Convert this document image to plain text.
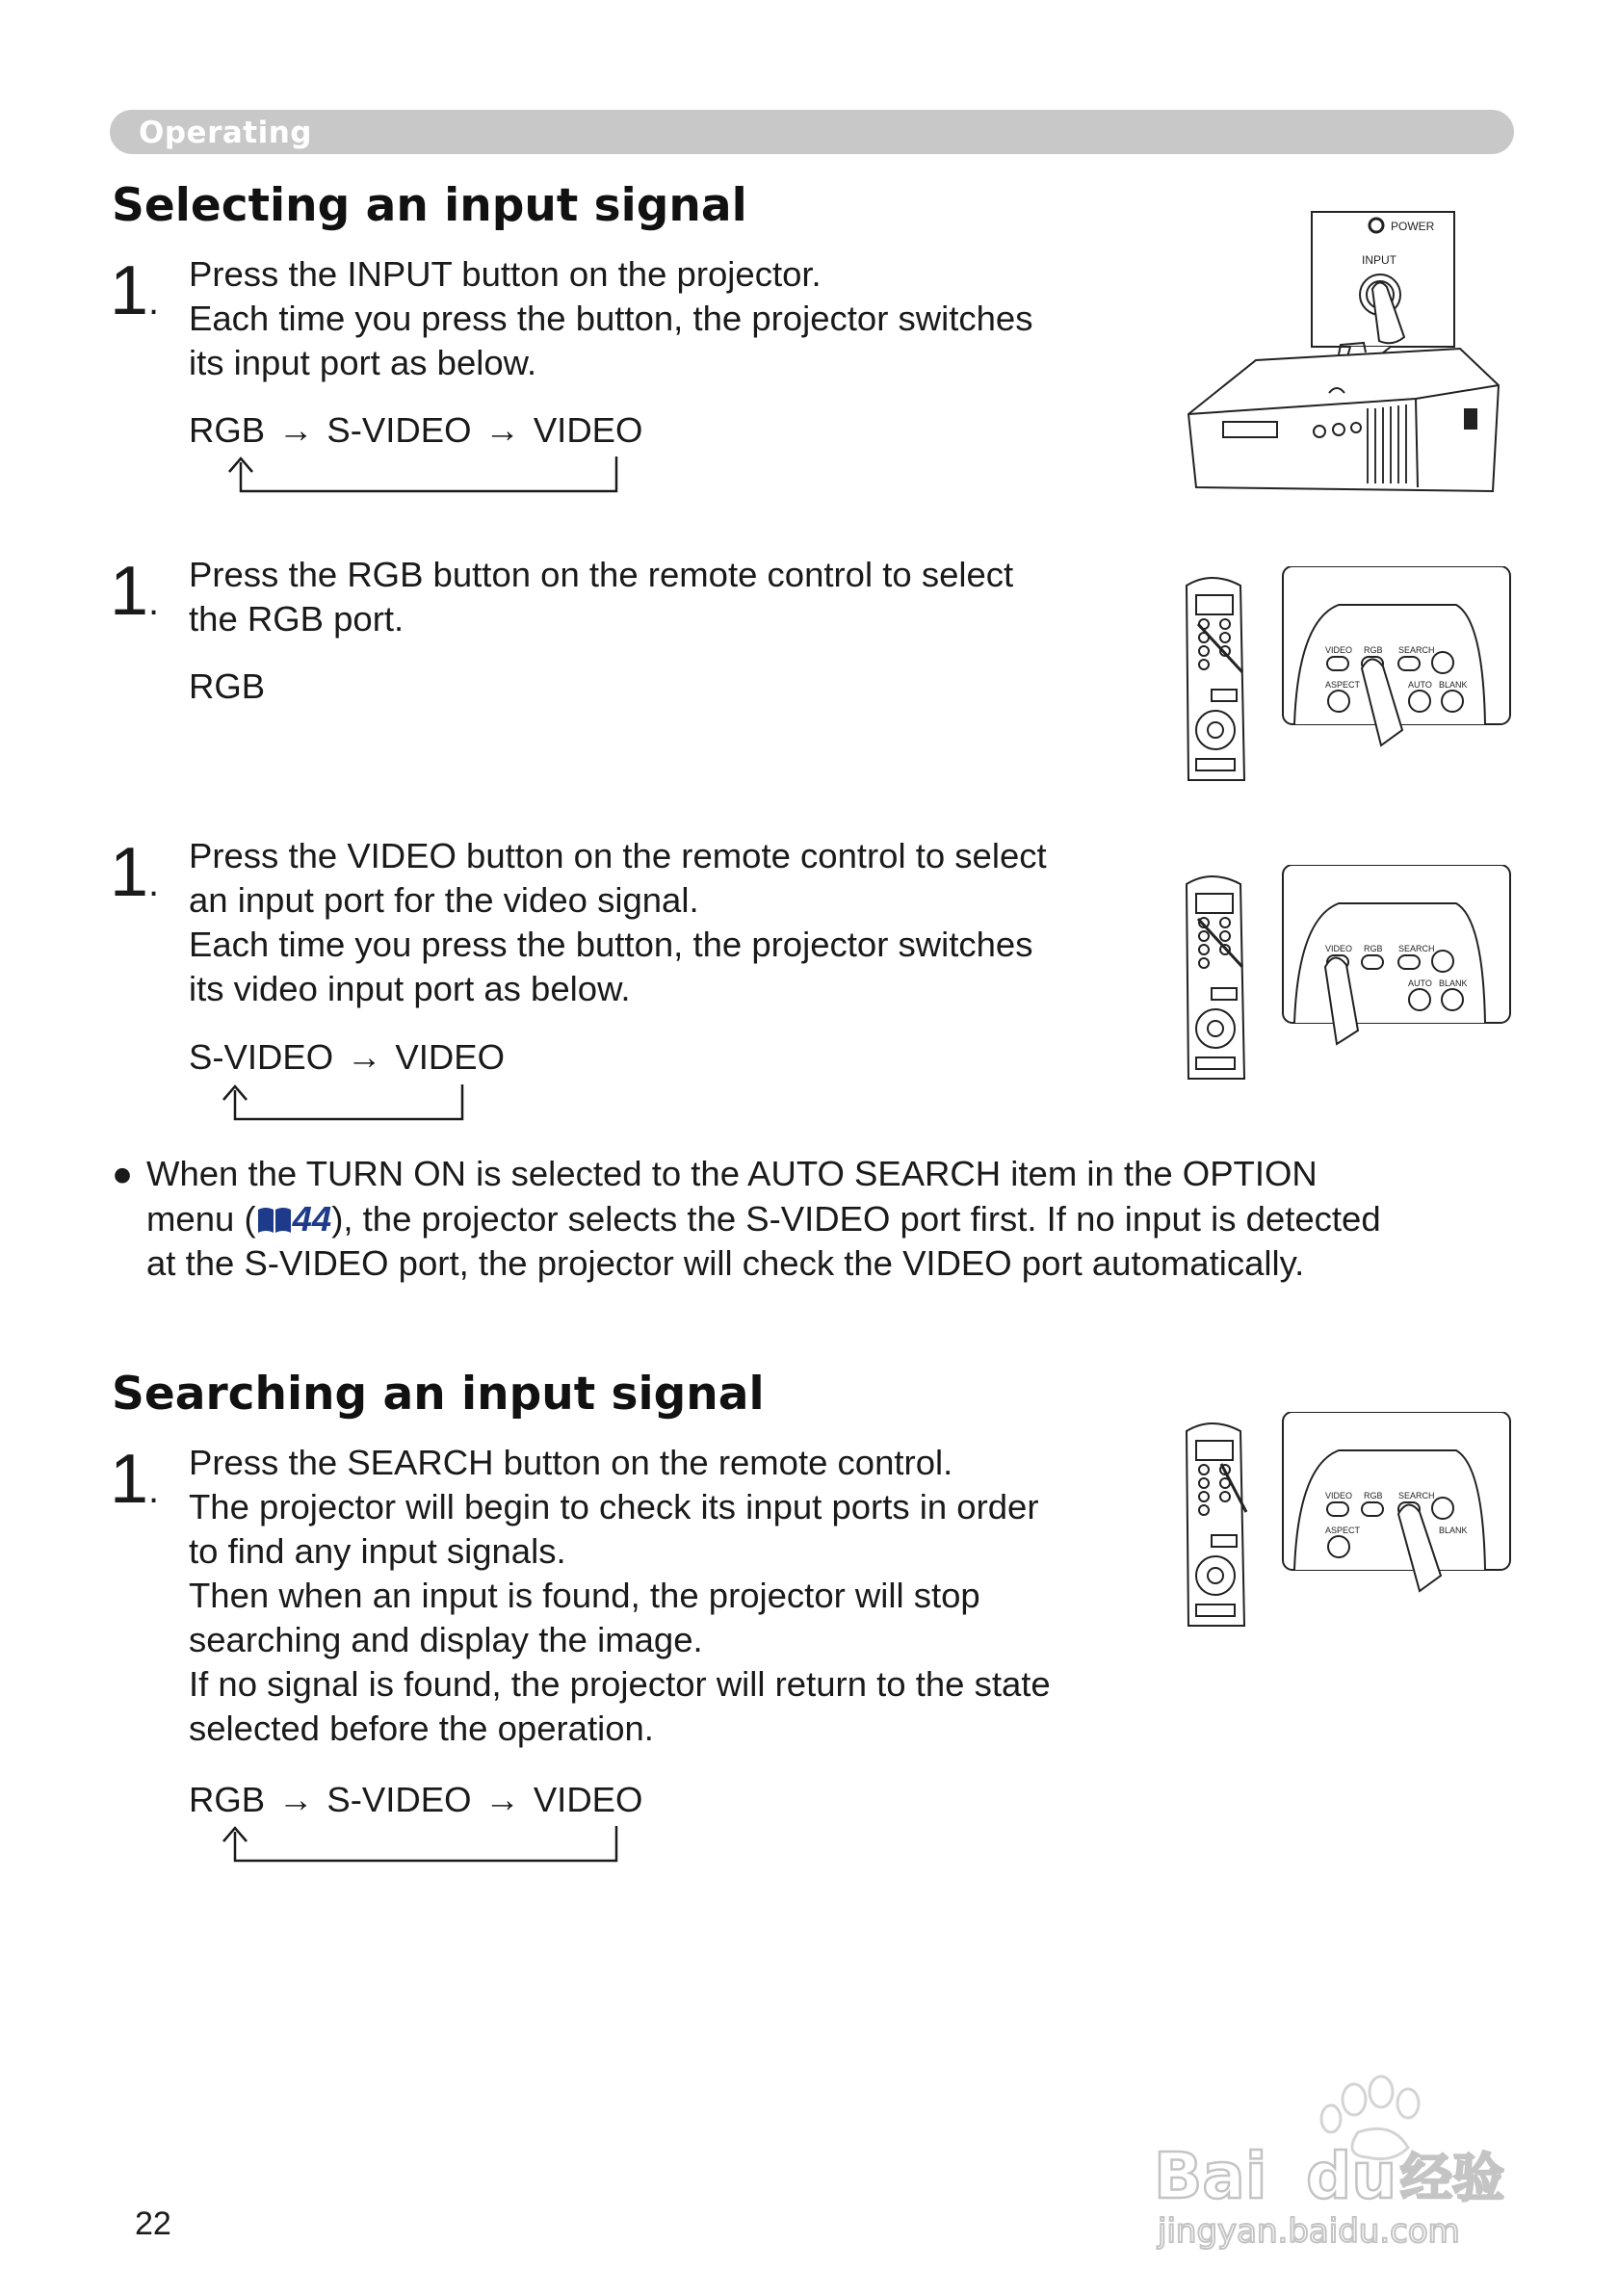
Operating
Selecting an input signal
1.

Press the INPUT button on the projector.
Each time you press the button, the projector switches
its input port as below.

RGB → S-VIDEO → VIDEO
1.

Press the RGB button on the remote control to select
the RGB port.

RGB
1.

Press the VIDEO button on the remote control to select
an input port for the video signal.
Each time you press the button, the projector switches
its video input port as below.

S-VIDEO → VIDEO
● When the TURN ON is selected to the AUTO SEARCH item in the OPTION
menu ( 44), the projector selects the S-VIDEO port first. If no input is detected
at the S-VIDEO port, the projector will check the VIDEO port automatically.
Searching an input signal
1.

Press the SEARCH button on the remote control.
The projector will begin to check its input ports in order
to find any input signals.
Then when an input is found, the projector will stop
searching and display the image.
If no signal is found, the projector will return to the state
selected before the operation.

RGB → S-VIDEO → VIDEO
POWER
INPUT
VIDEO RGB SEARCH
ASPECT	AUTO BLANK
VIDEO RGB SEARCH
AUTO BLANK
VIDEO RGB SEARCH
ASPECT	BLANK
22
Bai du 经验
jingyan.baidu.com
